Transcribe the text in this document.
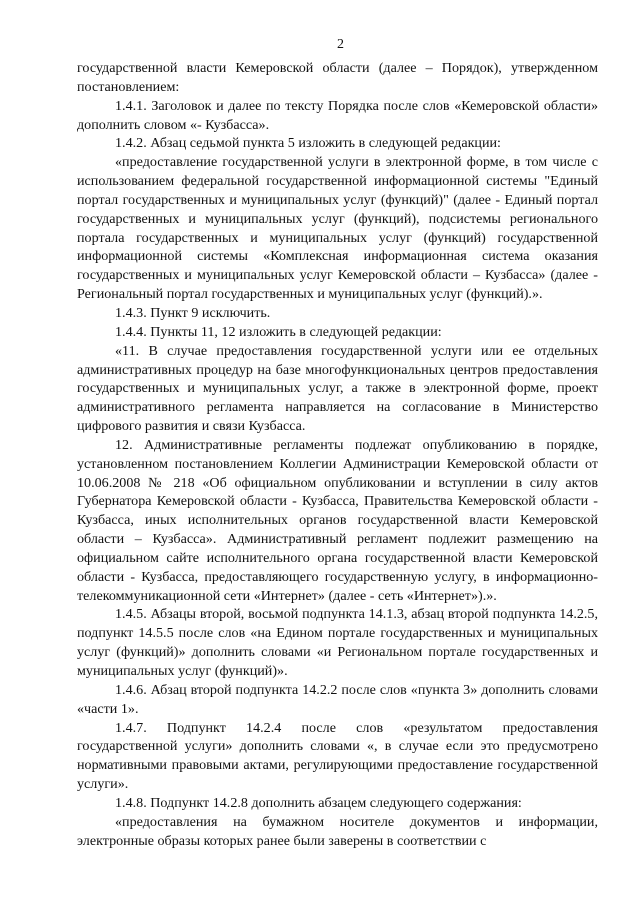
2

государственной власти Кемеровской области (далее – Порядок), утвержденном постановлением:

1.4.1. Заголовок и далее по тексту Порядка после слов «Кемеровской области» дополнить словом «- Кузбасса».

1.4.2. Абзац седьмой пункта 5 изложить в следующей редакции:

«предоставление государственной услуги в электронной форме, в том числе с использованием федеральной государственной информационной системы "Единый портал государственных и муниципальных услуг (функций)" (далее - Единый портал государственных и муниципальных услуг (функций), подсистемы регионального портала государственных и муниципальных услуг (функций) государственной информационной системы «Комплексная информационная система оказания государственных и муниципальных услуг Кемеровской области – Кузбасса» (далее - Региональный портал государственных и муниципальных услуг (функций).».

1.4.3. Пункт 9 исключить.

1.4.4. Пункты 11, 12 изложить в следующей редакции:

«11. В случае предоставления государственной услуги или ее отдельных административных процедур на базе многофункциональных центров предоставления государственных и муниципальных услуг, а также в электронной форме, проект административного регламента направляется на согласование в Министерство цифрового развития и связи Кузбасса.

12. Административные регламенты подлежат опубликованию в порядке, установленном постановлением Коллегии Администрации Кемеровской области от 10.06.2008 № 218 «Об официальном опубликовании и вступлении в силу актов Губернатора Кемеровской области - Кузбасса, Правительства Кемеровской области - Кузбасса, иных исполнительных органов государственной власти Кемеровской области – Кузбасса». Административный регламент подлежит размещению на официальном сайте исполнительного органа государственной власти Кемеровской области - Кузбасса, предоставляющего государственную услугу, в информационно-телекоммуникационной сети «Интернет» (далее - сеть «Интернет»).».

1.4.5. Абзацы второй, восьмой подпункта 14.1.3, абзац второй подпункта 14.2.5, подпункт 14.5.5 после слов «на Едином портале государственных и муниципальных услуг (функций)» дополнить словами «и Региональном портале государственных и муниципальных услуг (функций)».

1.4.6. Абзац второй подпункта 14.2.2 после слов «пункта 3» дополнить словами «части 1».

1.4.7. Подпункт 14.2.4 после слов «результатом предоставления государственной услуги» дополнить словами «, в случае если это предусмотрено нормативными правовыми актами, регулирующими предоставление государственной услуги».

1.4.8. Подпункт 14.2.8 дополнить абзацем следующего содержания:

«предоставления на бумажном носителе документов и информации, электронные образы которых ранее были заверены в соответствии с
